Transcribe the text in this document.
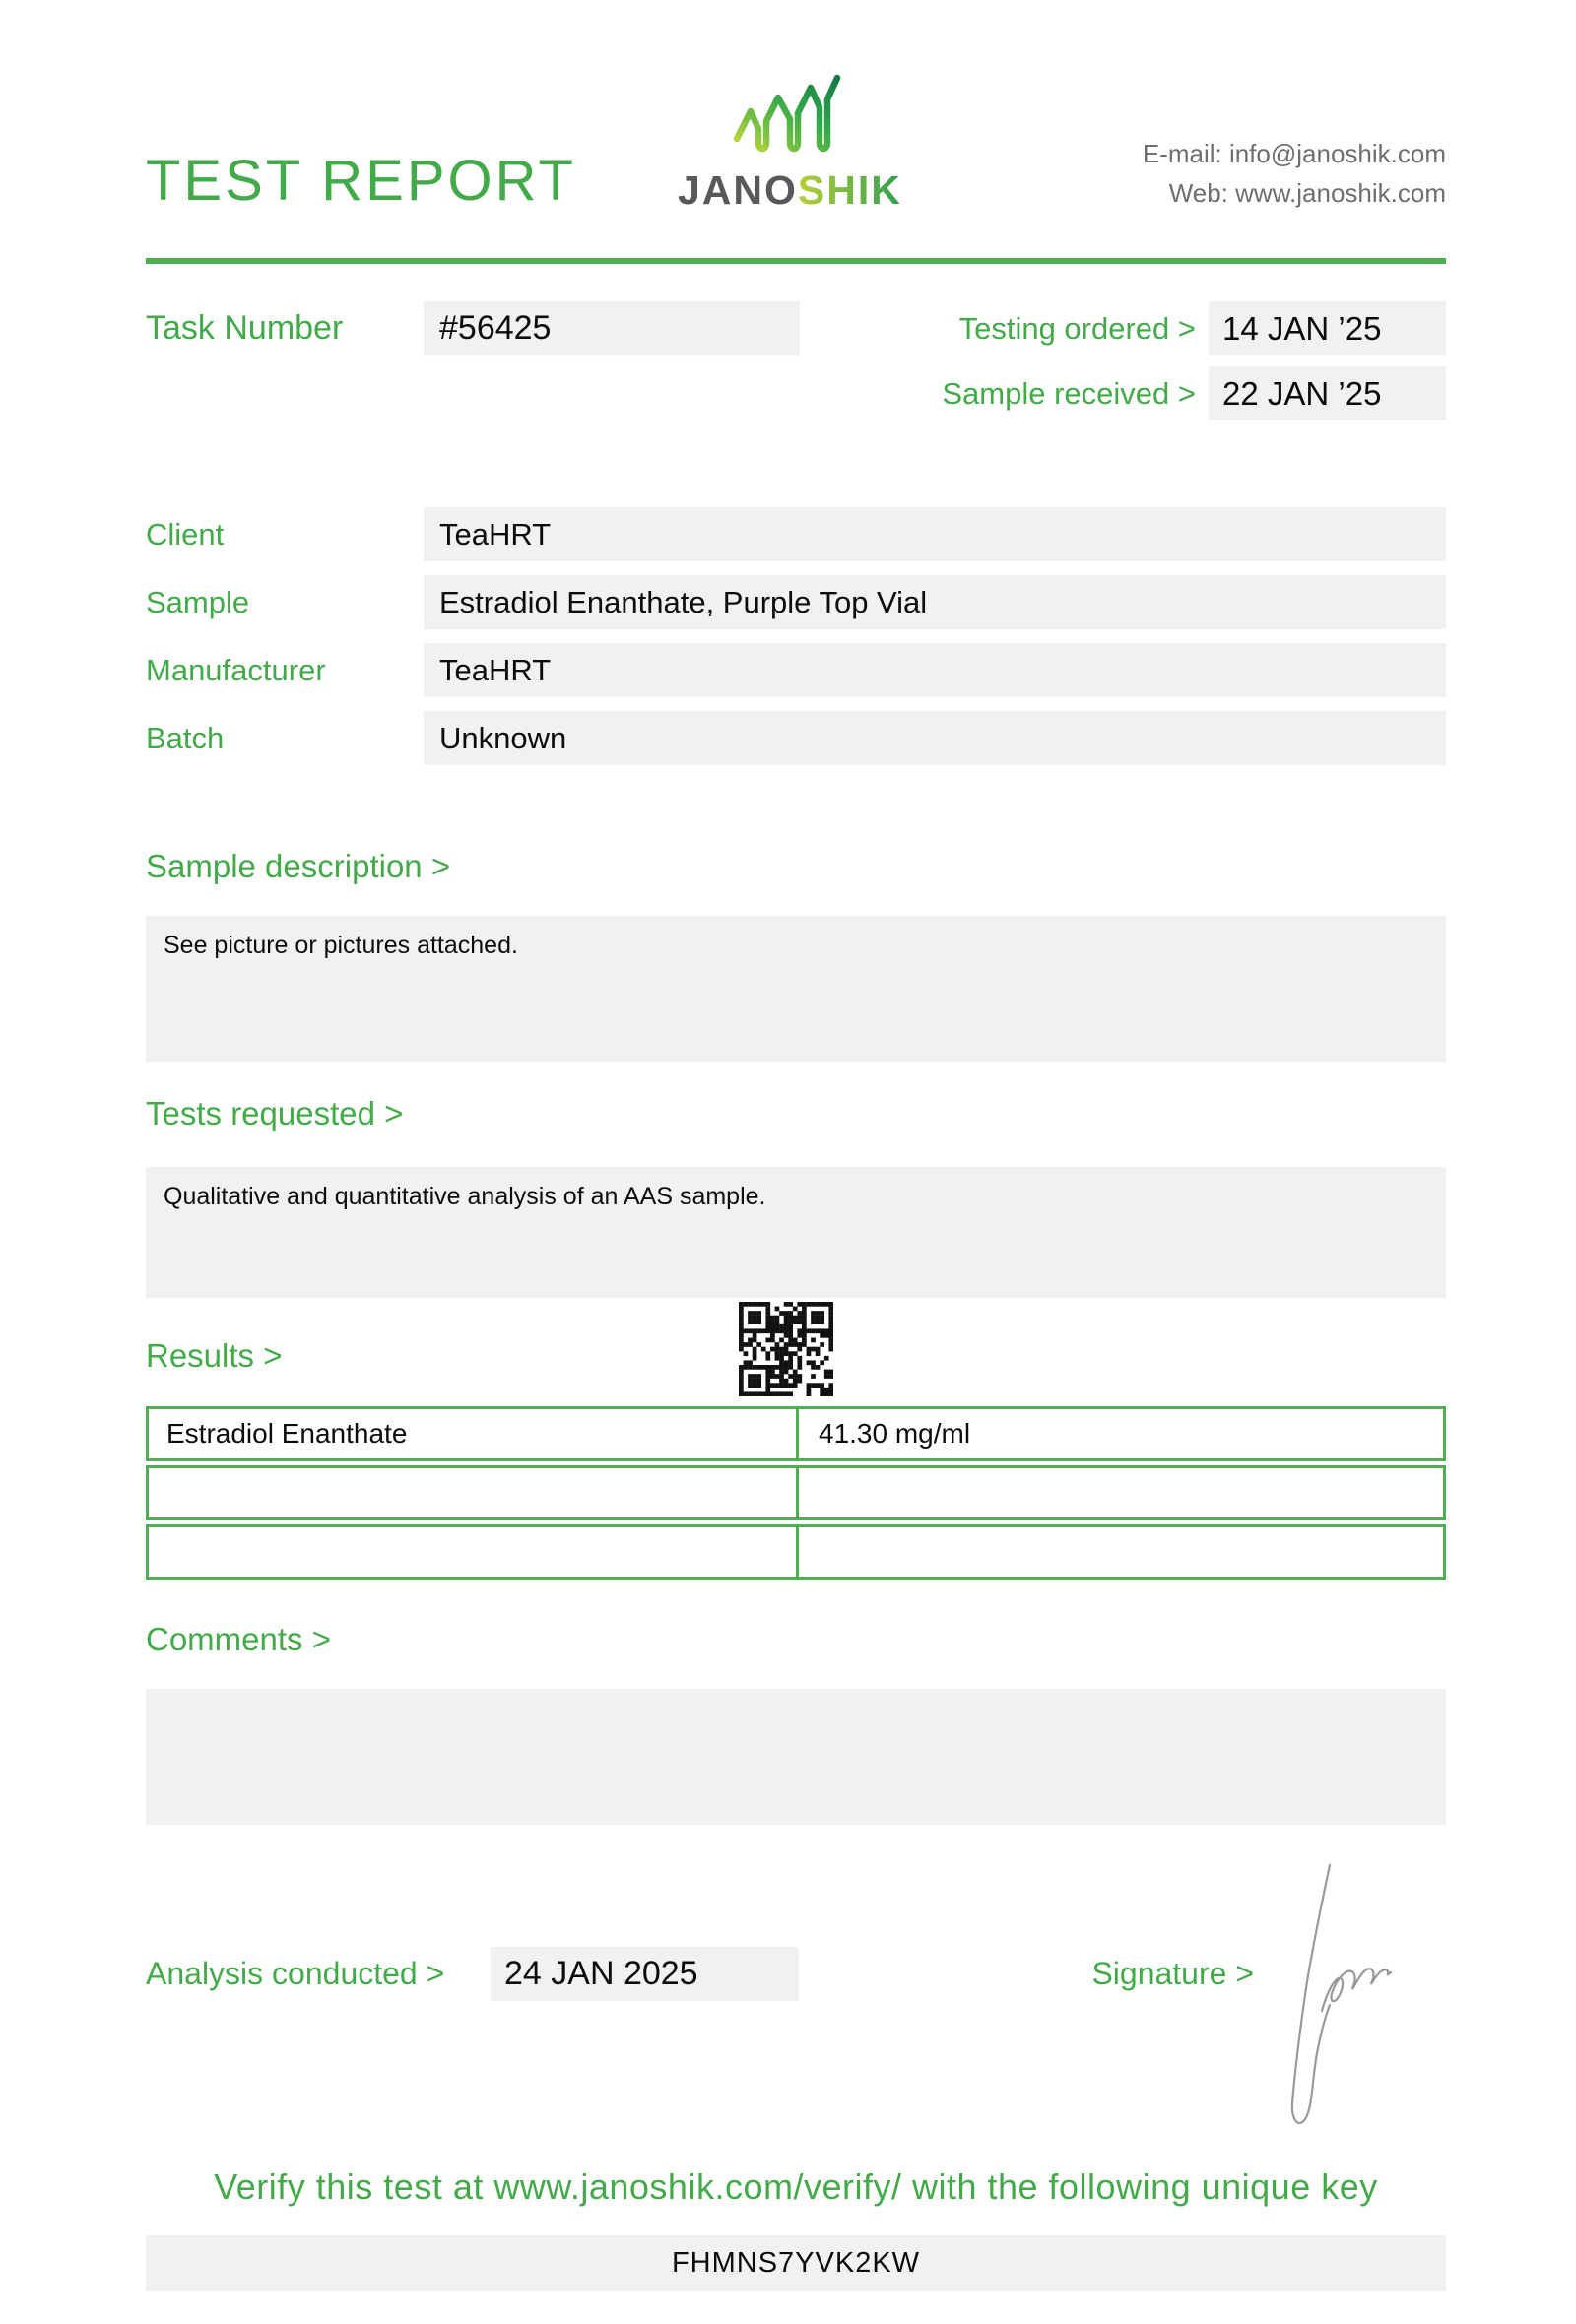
TEST REPORT	JANOSHIK
E-mail: info@janoshik.com
Web: www.janoshik.com
Task Number	#56425	Testing ordered > 14 JAN ’25
Sample received > 22 JAN ’25
Client	TeaHRT
Sample	Estradiol Enanthate, Purple Top Vial
Manufacturer	TeaHRT
Batch	Unknown
Sample description >
See picture or pictures attached.
Tests requested >
Qualitative and quantitative analysis of an AAS sample.
Results >
Estradiol Enanthate	41.30 mg/ml
Comments >
Analysis conducted >	24 JAN 2025	Signature >
Verify this test at www.janoshik.com/verify/ with the following unique key
FHMNS7YVK2KW
